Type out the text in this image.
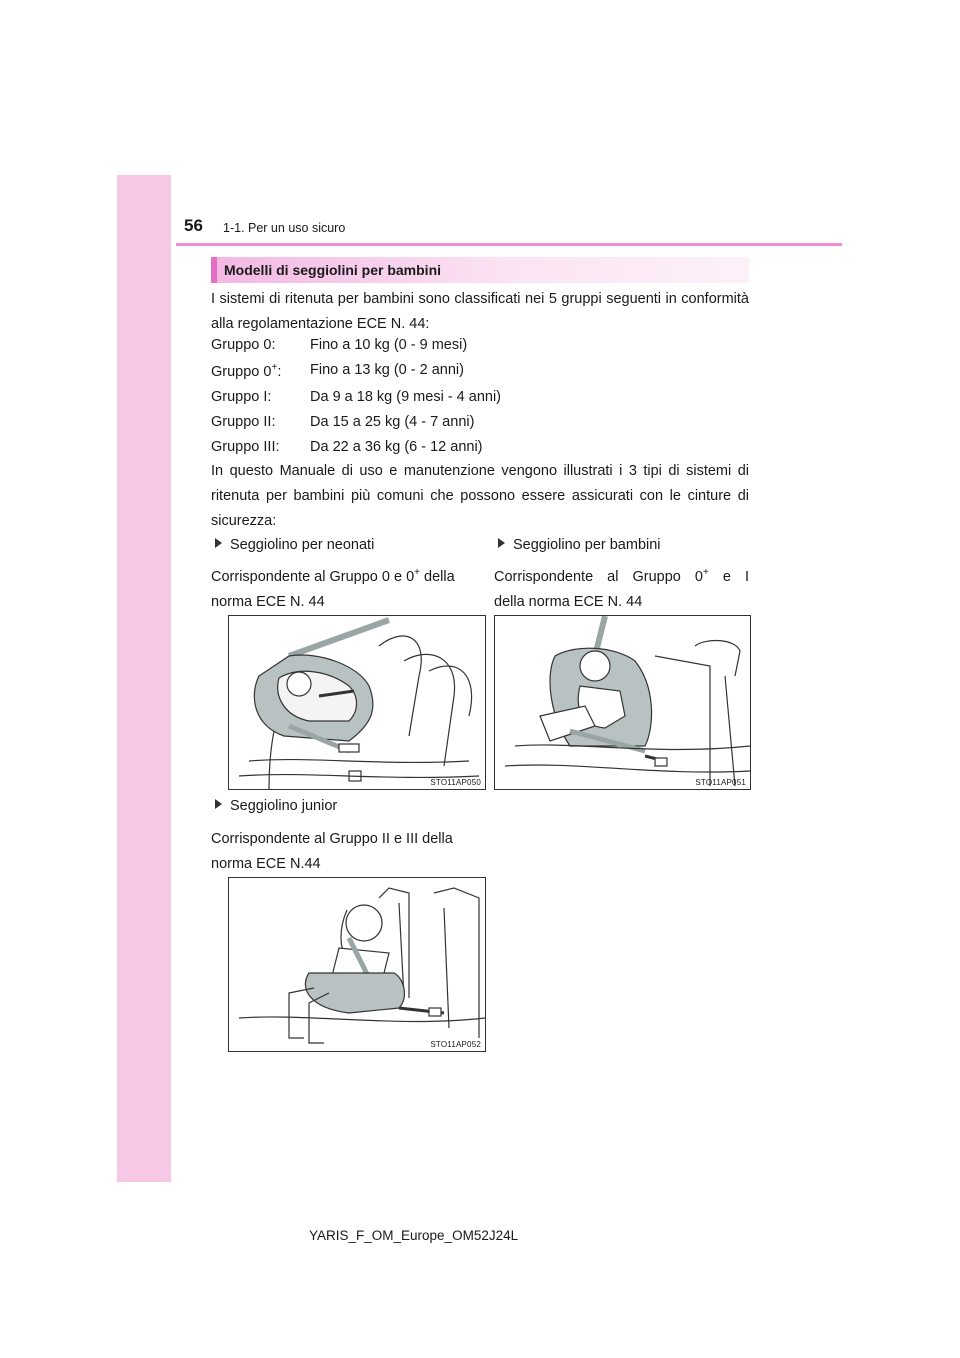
56 1-1. Per un uso sicuro
Modelli di seggiolini per bambini
I sistemi di ritenuta per bambini sono classificati nei 5 gruppi seguenti in conformità alla regolamentazione ECE N. 44:
Gruppo 0: Fino a 10 kg (0 - 9 mesi)
Gruppo 0+: Fino a 13 kg (0 - 2 anni)
Gruppo I:	Da 9 a 18 kg (9 mesi - 4 anni)
Gruppo II: Da 15 a 25 kg (4 - 7 anni)
Gruppo III: Da 22 a 36 kg (6 - 12 anni)
In questo Manuale di uso e manutenzione vengono illustrati i 3 tipi di sistemi di ritenuta per bambini più comuni che possono essere assicurati con le cinture di sicurezza:
Seggiolino per neonati
Corrispondente al Gruppo 0 e 0+ della
norma ECE N. 44
Seggiolino per bambini
Corrispondente al Gruppo 0+ e I
della norma ECE N. 44
STO11AP050	STO11AP051
Seggiolino junior
Corrispondente al Gruppo II e III della
norma ECE N.44
STO11AP052
YARIS_F_OM_Europe_OM52J24L
